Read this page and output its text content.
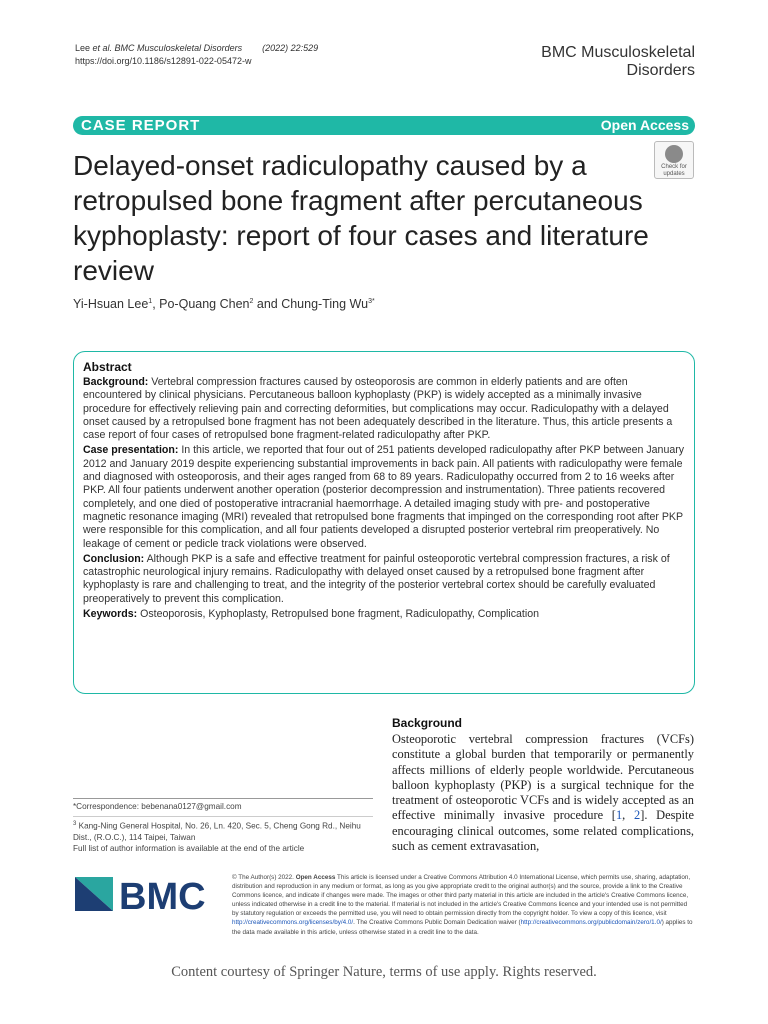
Lee et al. BMC Musculoskeletal Disorders (2022) 22:529
https://doi.org/10.1186/s12891-022-05472-w	BMC Musculoskeletal
Disorders
CASE REPORT	Open Access
Delayed-onset radiculopathy caused by a retropulsed bone fragment after percutaneous kyphoplasty: report of four cases and literature review
Check for
updates
Yi-Hsuan Lee$^1$, Po-Quang Chen$^2$ and Chung-Ting $Wu^{3*}$
Abstract

Background: Vertebral compression fractures caused by osteoporosis are common in elderly patients and are often encountered by clinical physicians. Percutaneous balloon kyphoplasty (PKP) is widely accepted as a minimally invasive procedure for effectively relieving pain and correcting deformities, but complications may occur. Radiculopathy with a delayed onset caused by a retropulsed bone fragment has not been adequately described in the literature. Thus, this article presents a case report of four cases of retropulsed bone fragment-related radiculopathy after PKP.

Case presentation: In this article, we reported that four out of 251 patients developed radiculopathy after PKP between January 2012 and January 2019 despite experiencing substantial improvements in back pain. All patients with radiculopathy were female and diagnosed with osteoporosis, and their ages ranged from 68 to 89 years. Radiculopathy occurred from 2 to 16 weeks after PKP. All four patients underwent another operation (posterior decompression and instrumentation). Three patients recovered completely, and one died of postoperative intracranial haemorrhage. A detailed imaging study with pre- and postoperative magnetic resonance imaging (MRI) revealed that retropulsed bone fragments that impinged on the corresponding root after PKP were responsible for this complication, and all four patients developed a disrupted posterior vertebral rim preoperatively. No leakage of cement or pedicle track violations were observed.

Conclusion: Although PKP is a safe and effective treatment for painful osteoporotic vertebral compression fractures, a risk of catastrophic neurological injury remains. Radiculopathy with delayed onset caused by a retropulsed bone fragment after kyphoplasty is rare and challenging to treat, and the integrity of the posterior vertebral cortex should be carefully evaluated preoperatively to prevent this complication.

Keywords: Osteoporosis, Kyphoplasty, Retropulsed bone fragment, Radiculopathy, Complication

*Correspondence: bebenana0127@gmail.com
$^3$ Kang-Ning General Hospital, No. 26, Ln. 420, Sec. 5, Cheng Gong Rd., Neihu Dist., (R.O.C.), 114 Taipei, Taiwan
Full list of author information is available at the end of the article
Background

Osteoporotic vertebral compression fractures (VCFs) constitute a global burden that temporarily or permanently affects millions of elderly people worldwide. Percutaneous balloon kyphoplasty (PKP) is a surgical technique for the treatment of osteoporotic VCFs and is widely accepted as an effective minimally invasive procedure [1, 2]. Despite encouraging clinical outcomes, some related complications, such as cement extravasation,

BMC	© The Author(s) 2022. Open Access This article is licensed under a Creative Commons Attribution 4.0 International License, which permits use, sharing, adaptation, distribution and reproduction in any medium or format, as long as you give appropriate credit to the original author(s) and the source, provide a link to the Creative Commons licence, and indicate if changes were made. The images or other third party material in this article are included in the article's Creative Commons licence, unless indicated otherwise in a credit line to the material. If material is not included in the article's Creative Commons licence and your intended use is not permitted by statutory regulation or exceeds the permitted use, you will need to obtain permission directly from the copyright holder. To view a copy of this licence, visit http://creativecommons.org/licenses/by/4.0/. The Creative Commons Public Domain Dedication waiver (http://creativecommons.org/publicdomain/zero/1.0/) applies to the data made available in this article, unless otherwise stated in a credit line to the data.
Content courtesy of Springer Nature, terms of use apply. Rights reserved.
